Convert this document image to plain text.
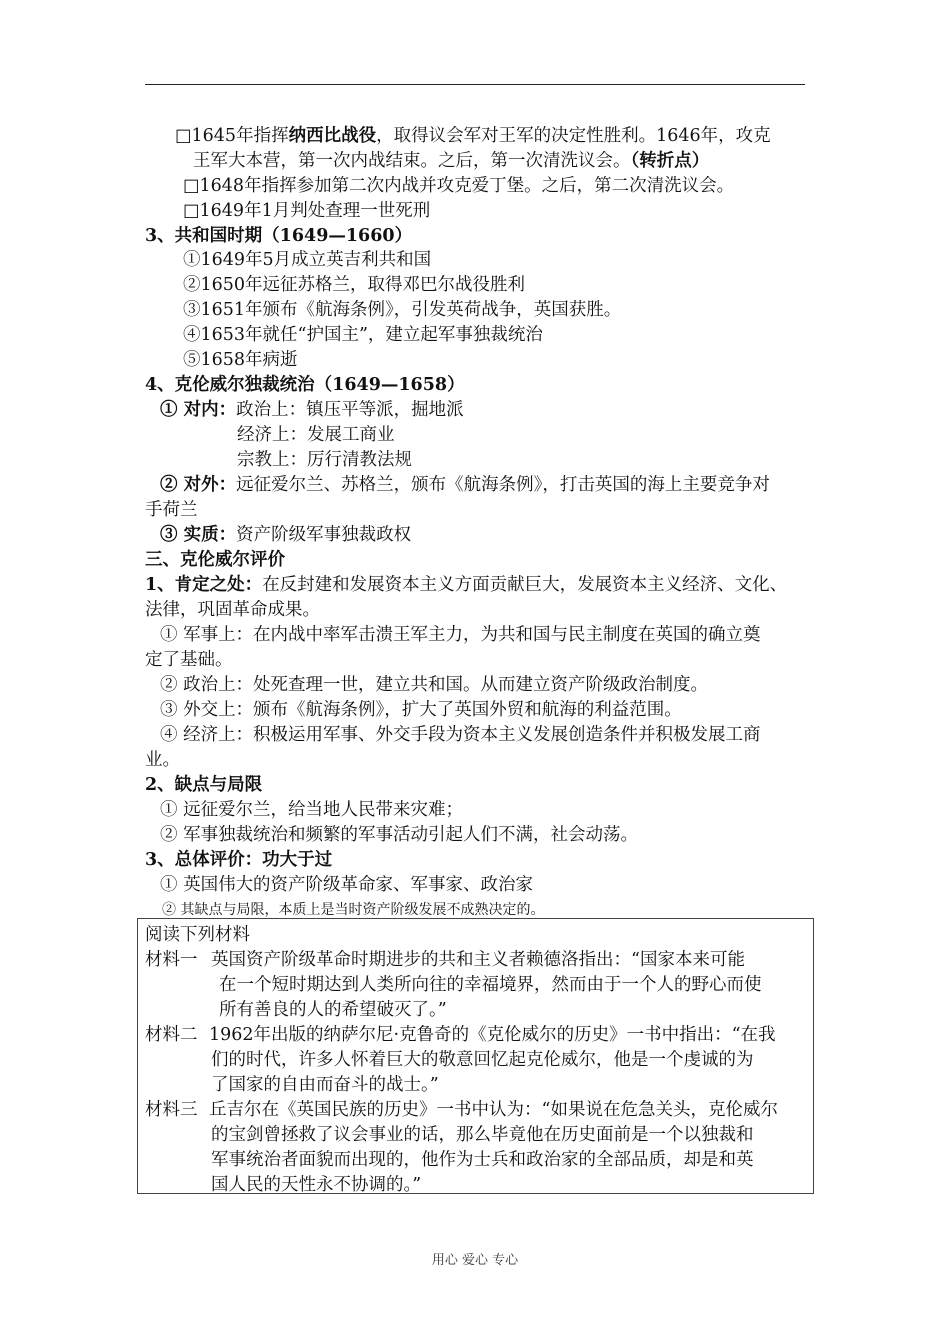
□1645年指挥纳西比战役，取得议会军对王军的决定性胜利。1646年，攻克
王军大本营，第一次内战结束。之后，第一次清洗议会。（转折点）
□1648年指挥参加第二次内战并攻克爱丁堡。之后，第二次清洗议会。
□1649年1月判处查理一世死刑
3、共和国时期（1649—1660）
①1649年5月成立英吉利共和国
②1650年远征苏格兰，取得邓巴尔战役胜利
③1651年颁布《航海条例》，引发英荷战争，英国获胜。
④1653年就任“护国主”，建立起军事独裁统治
⑤1658年病逝
4、克伦威尔独裁统治（1649—1658）
① 对内：政治上：镇压平等派，掘地派
经济上：发展工商业
宗教上：厉行清教法规
② 对外：远征爱尔兰、苏格兰，颁布《航海条例》，打击英国的海上主要竞争对
手荷兰
③ 实质：资产阶级军事独裁政权
三、克伦威尔评价
1、肯定之处：在反封建和发展资本主义方面贡献巨大，发展资本主义经济、文化、
法律，巩固革命成果。
① 军事上：在内战中率军击溃王军主力，为共和国与民主制度在英国的确立奠
定了基础。
② 政治上：处死查理一世，建立共和国。从而建立资产阶级政治制度。
③ 外交上：颁布《航海条例》，扩大了英国外贸和航海的利益范围。
④ 经济上：积极运用军事、外交手段为资本主义发展创造条件并积极发展工商
业。
2、缺点与局限
① 远征爱尔兰，给当地人民带来灾难；
② 军事独裁统治和频繁的军事活动引起人们不满，社会动荡。
3、总体评价：功大于过
① 英国伟大的资产阶级革命家、军事家、政治家
② 其缺点与局限，本质上是当时资产阶级发展不成熟决定的。
阅读下列材料
材料一 英国资产阶级革命时期进步的共和主义者赖德洛指出：“国家本来可能
在一个短时期达到人类所向往的幸福境界，然而由于一个人的野心而使
所有善良的人的希望破灭了。”
材料二 1962年出版的纳萨尔尼·克鲁奇的《克伦威尔的历史》一书中指出：“在我
们的时代，许多人怀着巨大的敬意回忆起克伦威尔，他是一个虔诚的为
了国家的自由而奋斗的战士。”
材料三 丘吉尔在《英国民族的历史》一书中认为：“如果说在危急关头，克伦威尔
的宝剑曾拯救了议会事业的话，那么毕竟他在历史面前是一个以独裁和
军事统治者面貌而出现的，他作为士兵和政治家的全部品质，却是和英
国人民的天性永不协调的。”
用心 爱心 专心
